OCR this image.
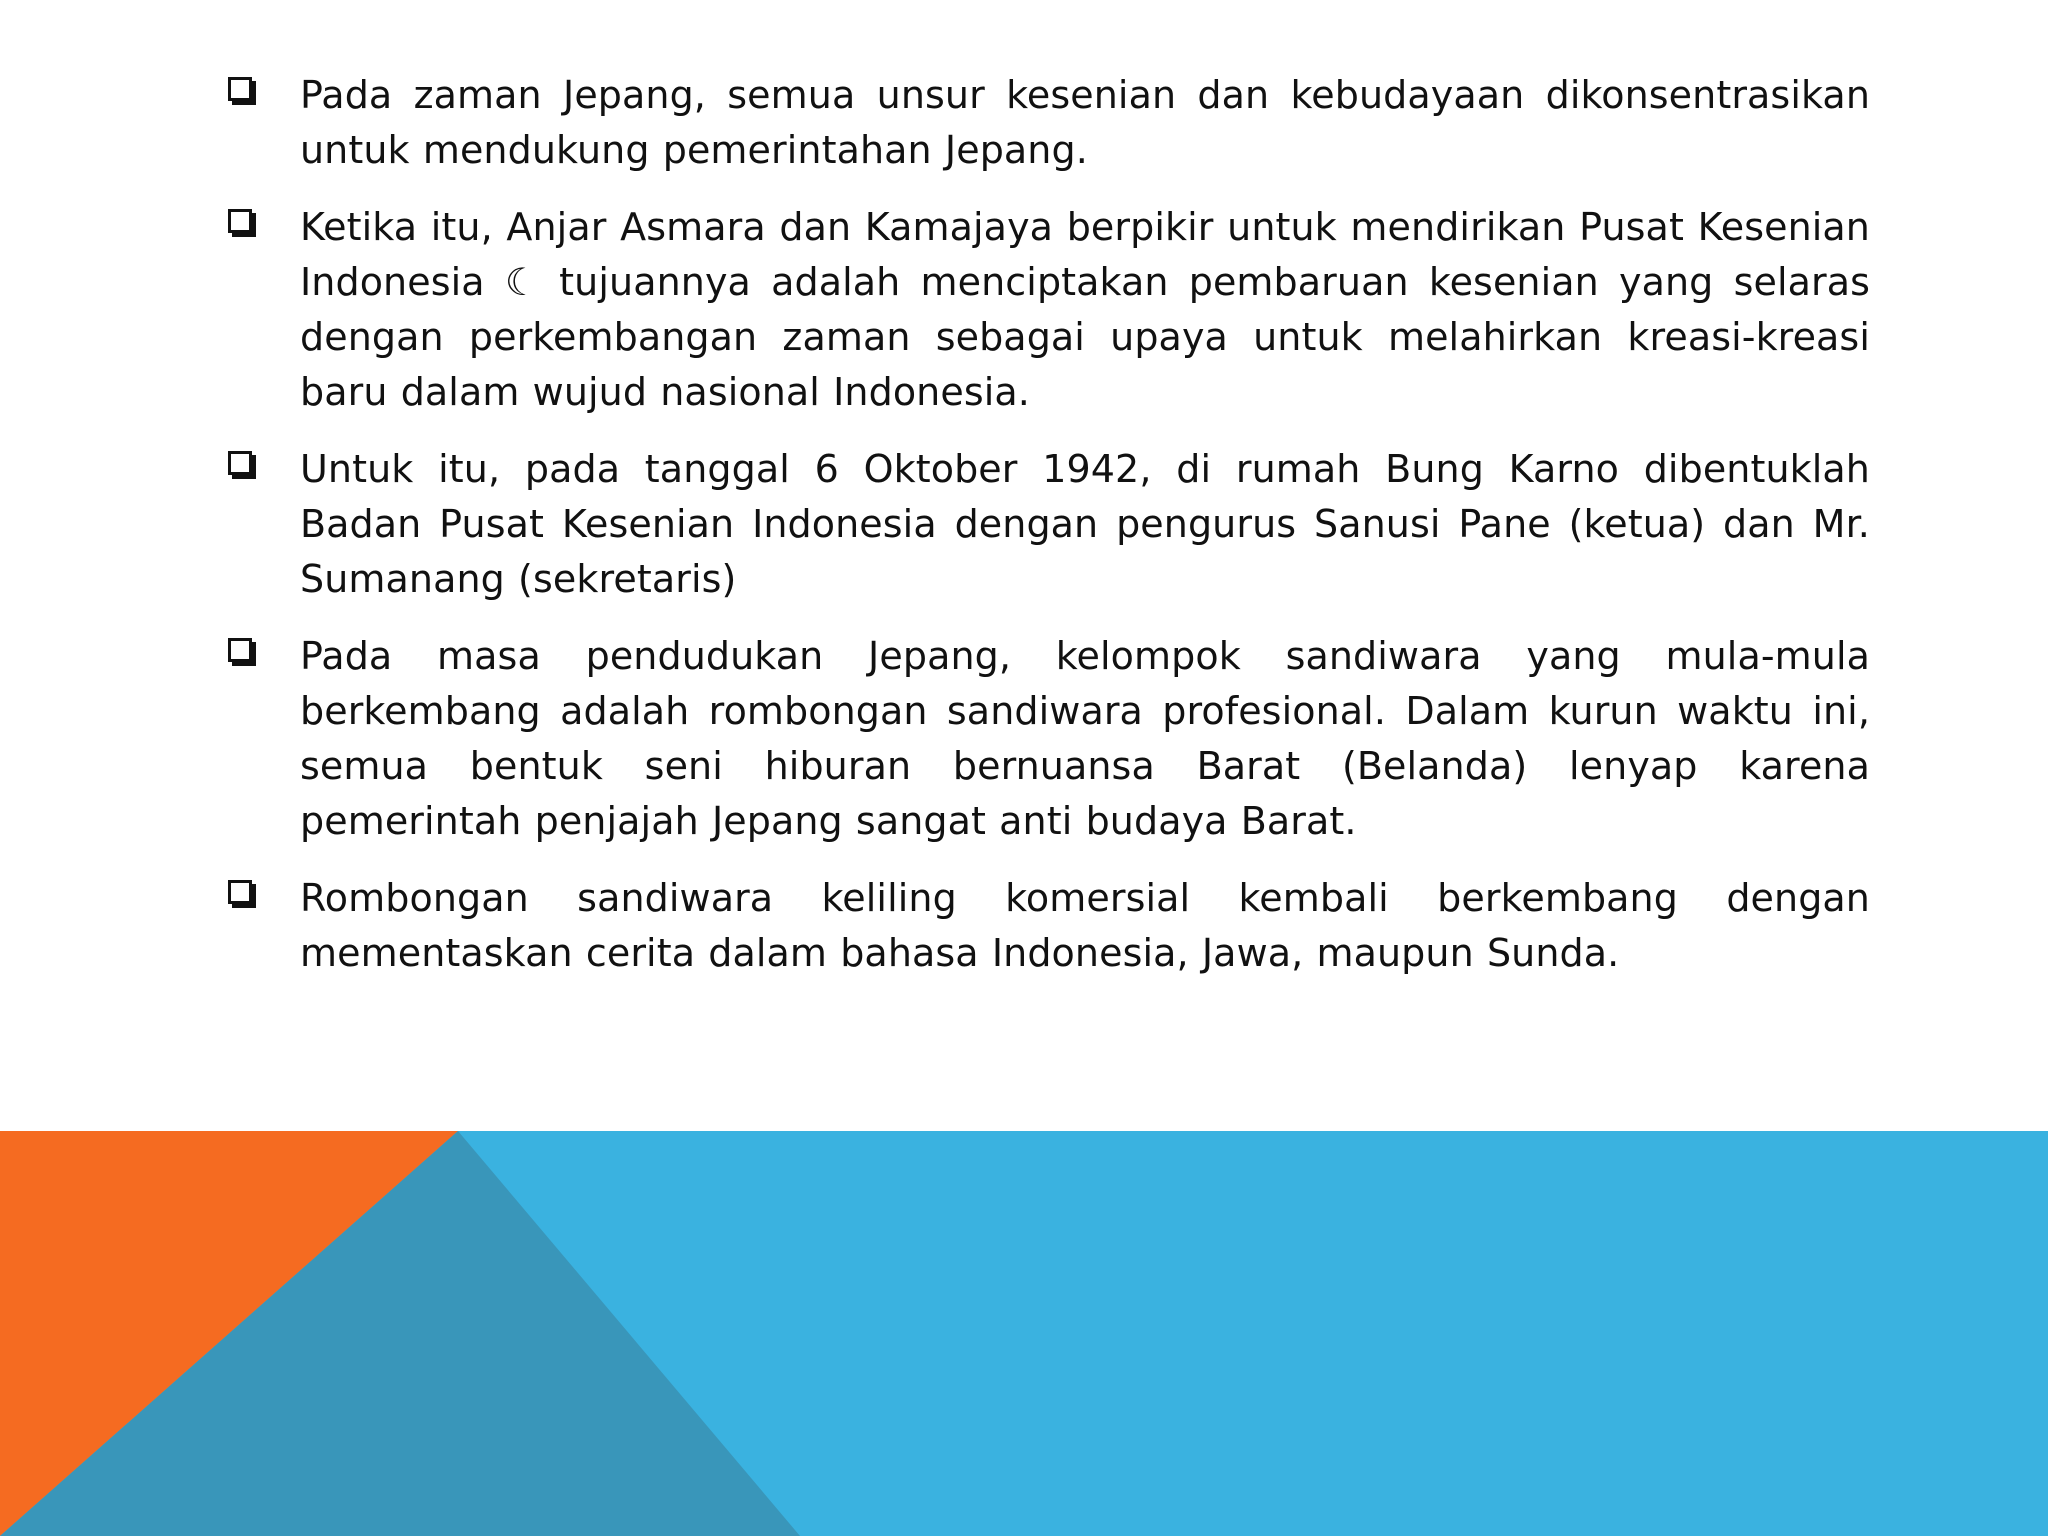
Pada zaman Jepang, semua unsur kesenian dan kebudayaan dikonsentrasikan untuk mendukung pemerintahan Jepang.
Ketika itu, Anjar Asmara dan Kamajaya berpikir untuk mendirikan Pusat Kesenian Indonesia ☾ tujuannya adalah menciptakan pembaruan kesenian yang selaras dengan perkembangan zaman sebagai upaya untuk melahirkan kreasi-kreasi baru dalam wujud nasional Indonesia.
Untuk itu, pada tanggal 6 Oktober 1942, di rumah Bung Karno dibentuklah Badan Pusat Kesenian Indonesia dengan pengurus Sanusi Pane (ketua) dan Mr. Sumanang (sekretaris)
Pada masa pendudukan Jepang, kelompok sandiwara yang mula-mula berkembang adalah rombongan sandiwara profesional. Dalam kurun waktu ini, semua bentuk seni hiburan bernuansa Barat (Belanda) lenyap karena pemerintah penjajah Jepang sangat anti budaya Barat.
Rombongan sandiwara keliling komersial kembali berkembang dengan mementaskan cerita dalam bahasa Indonesia, Jawa, maupun Sunda.
